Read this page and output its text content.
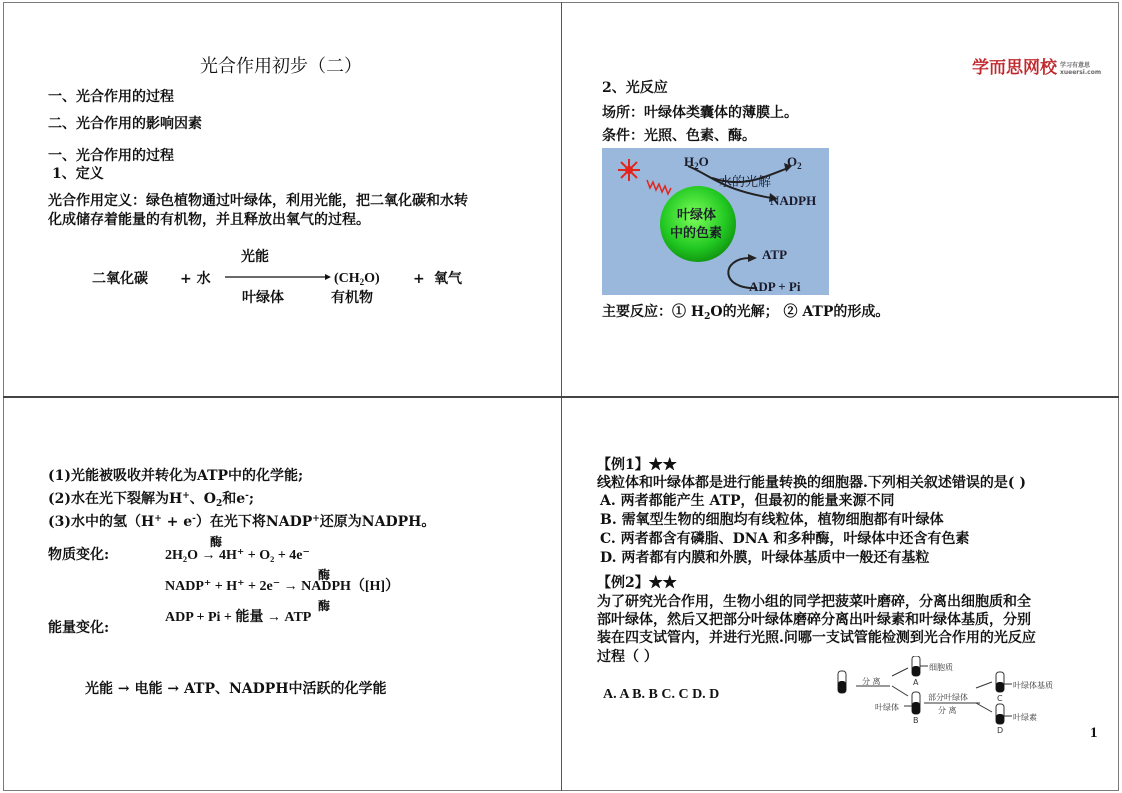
光合作用初步（二）
一、光合作用的过程
二、光合作用的影响因素
一、光合作用的过程
1、定义
光合作用定义：绿色植物通过叶绿体，利用光能，把二氧化碳和水转
化成储存着能量的有机物，并且释放出氧气的过程。
二氧化碳 + 水
光能
叶绿体
$(CH_2O)$
有机物
+ 氧气
学而思网校 学习有意思
xueersi.com
2、光反应
场所：叶绿体类囊体的薄膜上。
条件：光照、色素、酶。
$H_2O$	$O_2$
水的光解
NADPH
叶绿体
中的色素
ATP
ADP + Pi
主要反应：① $H_2O$的光解； ② ATP的形成。
(1)光能被吸收并转化为ATP中的化学能;
(2)水在光下裂解为H+、$O_2$和e-;
(3)水中的氢（H+ + e-）在光下将NADP+还原为NADPH。
酶
物质变化:	2H₂O → 4H⁺ + O₂ + 4e⁻
酶
NADP⁺ + H⁺ + 2e⁻ → NADPH（[H]）
酶
ADP + Pi + 能量 → ATP
能量变化:
光能 → 电能 → ATP、NADPH中活跃的化学能
【例1】★★
线粒体和叶绿体都是进行能量转换的细胞器.下列相关叙述错误的是( )
A. 两者都能产生 ATP，但最初的能量来源不同
B. 需氧型生物的细胞均有线粒体，植物细胞都有叶绿体
C. 两者都含有磷脂、DNA 和多种酶，叶绿体中还含有色素
D. 两者都有内膜和外膜，叶绿体基质中一般还有基粒
【例2】★★
为了研究光合作用，生物小组的同学把菠菜叶磨碎，分离出细胞质和全
部叶绿体，然后又把部分叶绿体磨碎分离出叶绿素和叶绿体基质，分别
装在四支试管内，并进行光照.问哪一支试管能检测到光合作用的光反应
过程（ ）
A. A B. B C. C D. D
分 离
细胞质
A
部分叶绿体
分 离
叶绿体
B
叶绿体基质
C
叶绿素
D	1
